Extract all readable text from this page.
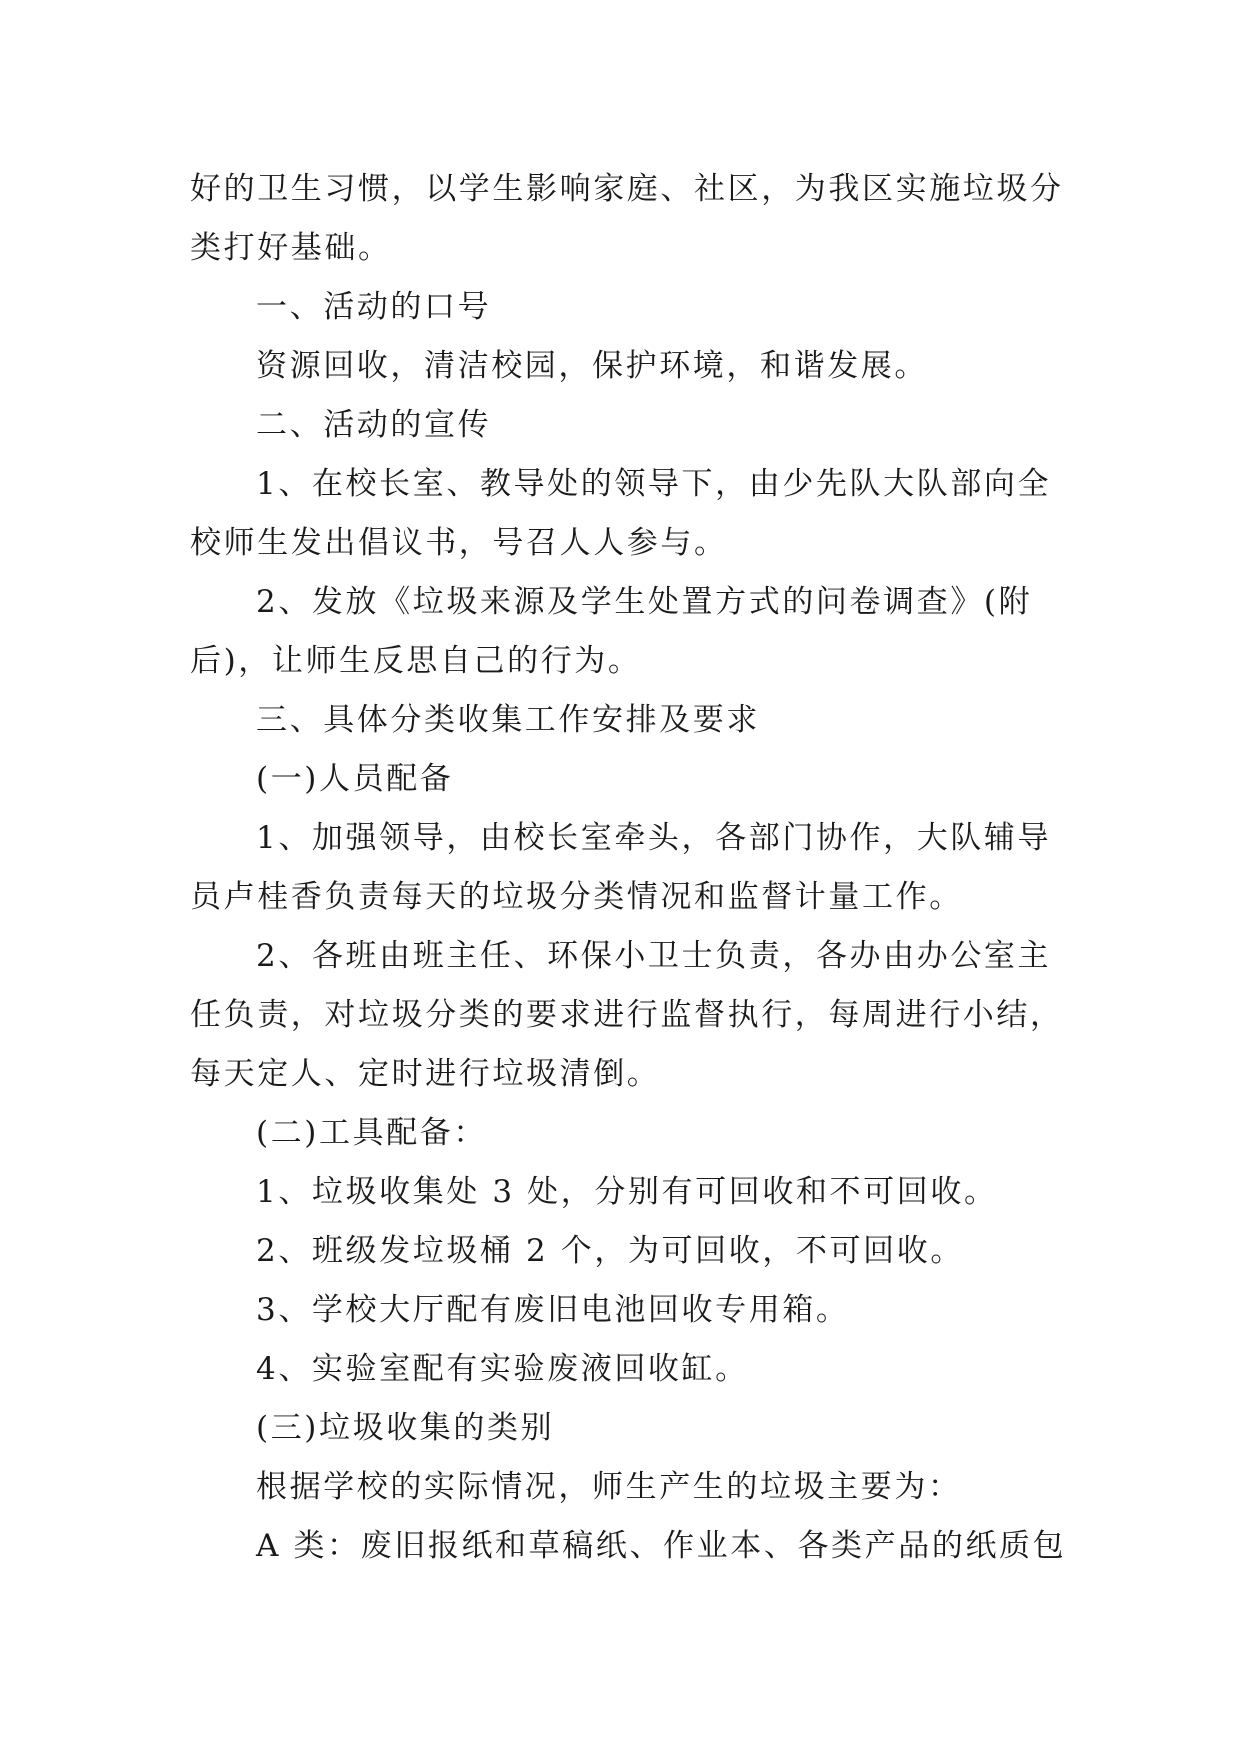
好的卫生习惯，以学生影响家庭、社区，为我区实施垃圾分
类打好基础。
一、活动的口号
资源回收，清洁校园，保护环境，和谐发展。
二、活动的宣传
1、在校长室、教导处的领导下，由少先队大队部向全
校师生发出倡议书，号召人人参与。
2、发放《垃圾来源及学生处置方式的问卷调查》(附
后)，让师生反思自己的行为。
三、具体分类收集工作安排及要求
(一)人员配备
1、加强领导，由校长室牵头，各部门协作，大队辅导
员卢桂香负责每天的垃圾分类情况和监督计量工作。
2、各班由班主任、环保小卫士负责，各办由办公室主
任负责，对垃圾分类的要求进行监督执行，每周进行小结，
每天定人、定时进行垃圾清倒。
(二)工具配备：
1、垃圾收集处 3 处，分别有可回收和不可回收。
2、班级发垃圾桶 2 个，为可回收，不可回收。
3、学校大厅配有废旧电池回收专用箱。
4、实验室配有实验废液回收缸。
(三)垃圾收集的类别
根据学校的实际情况，师生产生的垃圾主要为：
A 类：废旧报纸和草稿纸、作业本、各类产品的纸质包
